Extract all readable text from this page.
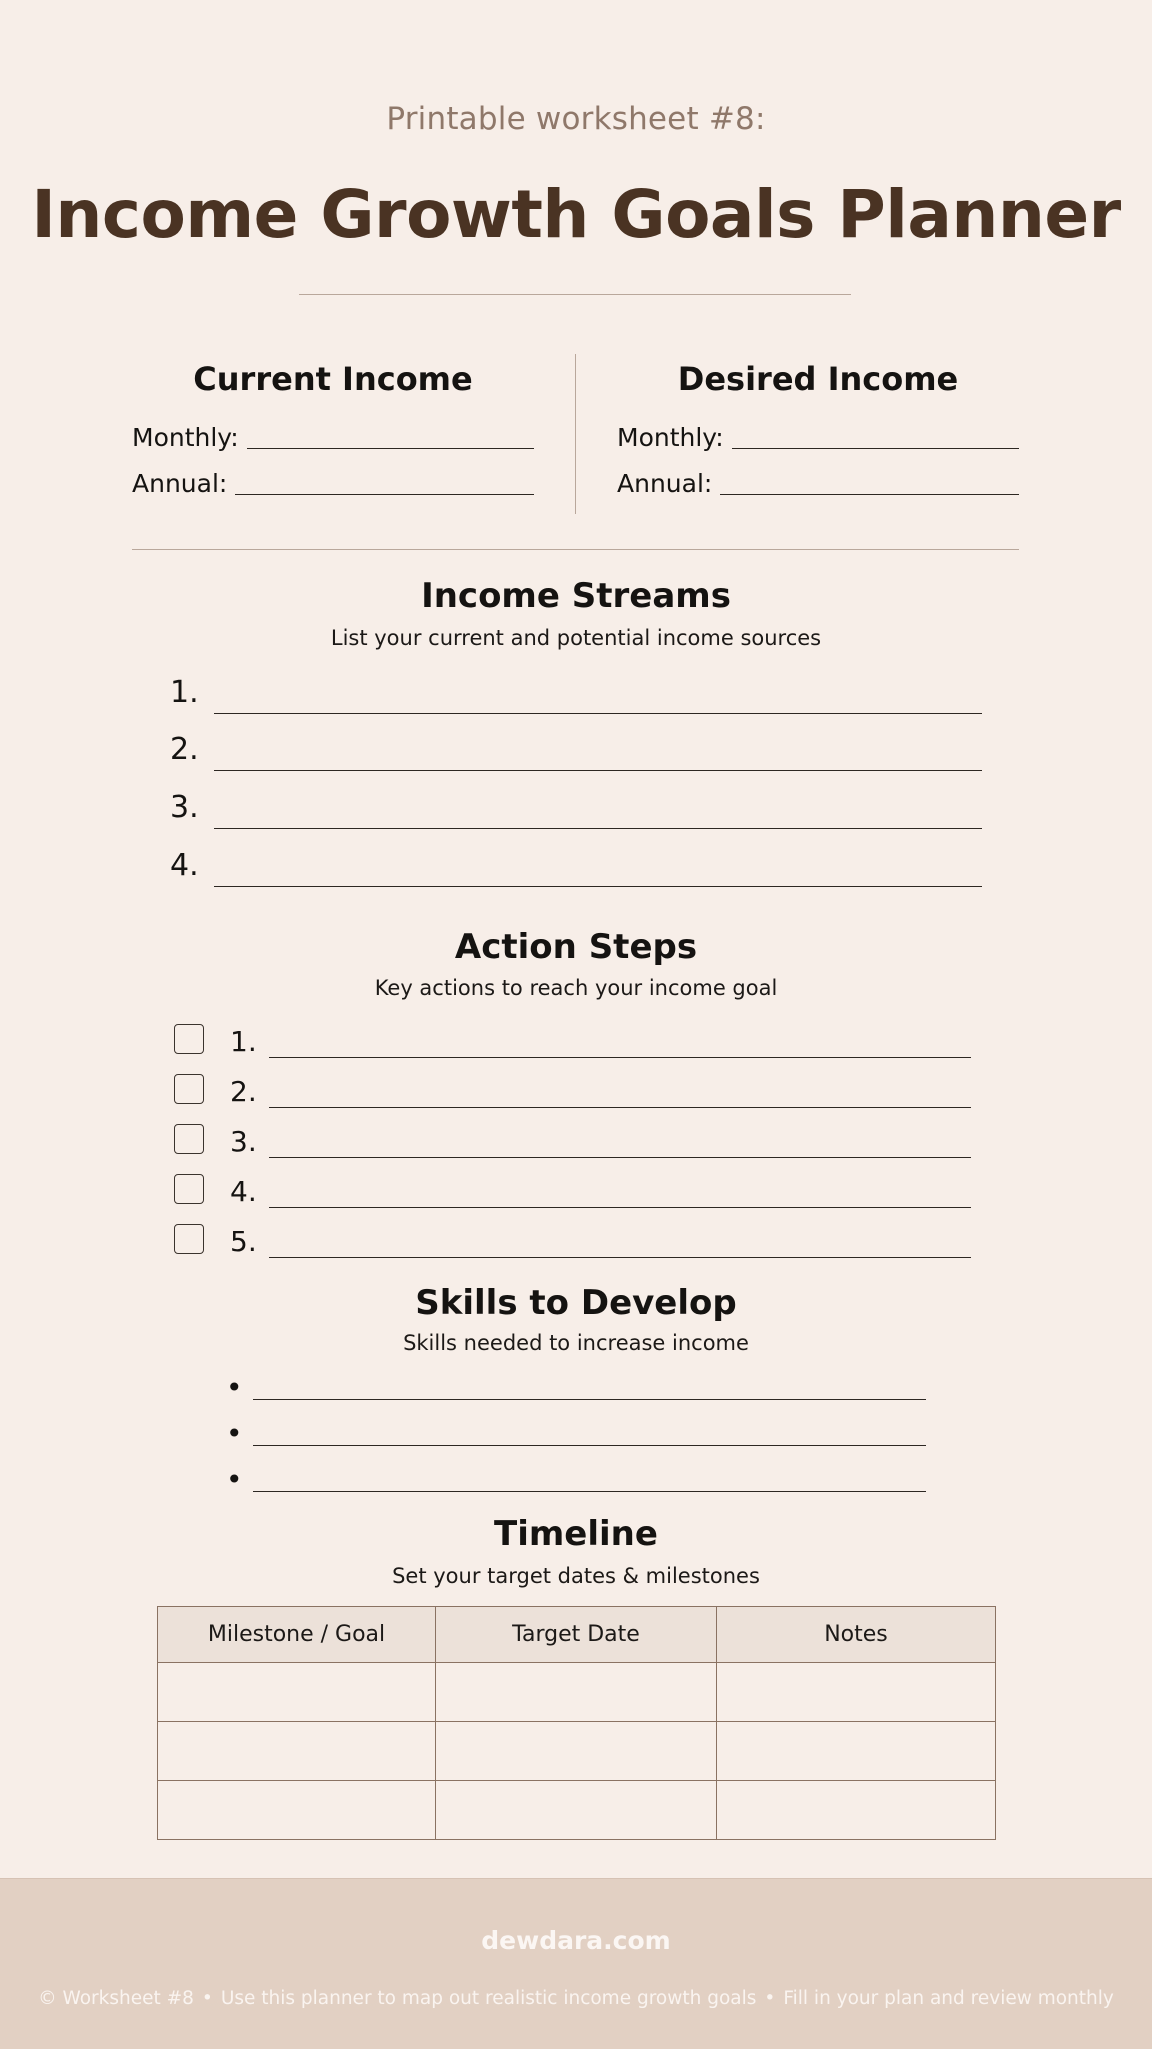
Printable worksheet #8:
Income Growth Goals Planner
Current Income
Monthly:
Annual:
Desired Income
Monthly:
Annual:
Income Streams

List your current and potential income sources

1.
2.
3.
4.
Action Steps

Key actions to reach your income goal

1.
2.
3.
4.
5.
Skills to Develop

Skills needed to increase income

•
•
•
Timeline

Set your target dates & milestones

Milestone / Goal	Target Date	Notes

dewdara.com
© Worksheet #8 • Use this planner to map out realistic income growth goals • Fill in your plan and review monthly
